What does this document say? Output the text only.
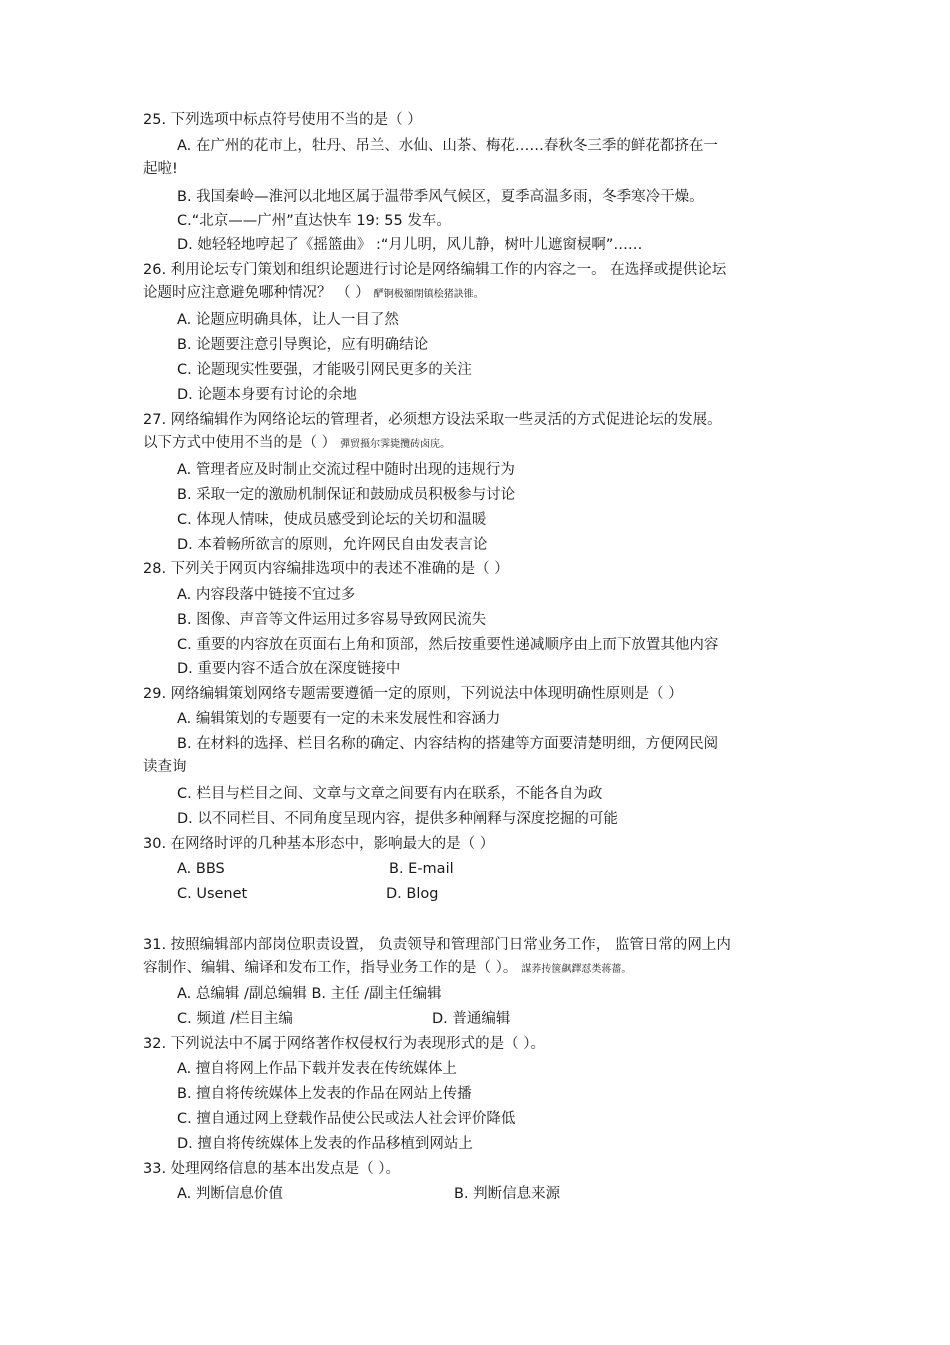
25. 下列选项中标点符号使用不当的是（ ）
A. 在广州的花市上，牡丹、吊兰、水仙、山茶、梅花……春秋冬三季的鲜花都挤在一
起啦!
B. 我国秦岭—淮河以北地区属于温带季风气候区，夏季高温多雨，冬季寒冷干燥。
C.“北京——广州”直达快车 19: 55 发车。
D. 她轻轻地哼起了《摇篮曲》 :“月儿明，风儿静，树叶儿遮窗棂啊”……
26. 利用论坛专门策划和组织论题进行讨论是网络编辑工作的内容之一。 在选择或提供论坛
论题时应注意避免哪种情况？ （ ） 酽锕极額閉镇桧猪訣锥。
A. 论题应明确具体，让人一目了然
B. 论题要注意引导舆论，应有明确结论
C. 论题现实性要强，才能吸引网民更多的关注
D. 论题本身要有讨论的余地
27. 网络编辑作为网络论坛的管理者，必须想方设法采取一些灵活的方式促进论坛的发展。
以下方式中使用不当的是（ ） 彈贸摄尔霁毙攬砖卤庑。
A. 管理者应及时制止交流过程中随时出现的违规行为
B. 采取一定的激励机制保证和鼓励成员积极参与讨论
C. 体现人情味，使成员感受到论坛的关切和温暖
D. 本着畅所欲言的原则，允许网民自由发表言论
28. 下列关于网页内容编排选项中的表述不准确的是（ ）
A. 内容段落中链接不宜过多
B. 图像、声音等文件运用过多容易导致网民流失
C. 重要的内容放在页面右上角和顶部，然后按重要性递减顺序由上而下放置其他内容
D. 重要内容不适合放在深度链接中
29. 网络编辑策划网络专题需要遵循一定的原则，下列说法中体现明确性原则是（ ）
A. 编辑策划的专题要有一定的未来发展性和容涵力
B. 在材料的选择、栏目名称的确定、内容结构的搭建等方面要清楚明细，方便网民阅
读查询
C. 栏目与栏目之间、文章与文章之间要有内在联系，不能各自为政
D. 以不同栏目、不同角度呈现内容，提供多种阐释与深度挖掘的可能
30. 在网络时评的几种基本形态中，影响最大的是（ ）
A. BBS	B. E-mail
C. Usenet	D. Blog
31. 按照编辑部内部岗位职责设置， 负责领导和管理部门日常业务工作， 监管日常的网上内
容制作、编辑、编译和发布工作，指导业务工作的是（ ）。 謀荞抟箧飙鐸怼类蒋薔。
A. 总编辑 /副总编辑 B. 主任 /副主任编辑
C. 频道 /栏目主编	D. 普通编辑
32. 下列说法中不属于网络著作权侵权行为表现形式的是（ ）。
A. 擅自将网上作品下载并发表在传统媒体上
B. 擅自将传统媒体上发表的作品在网站上传播
C. 擅自通过网上登载作品使公民或法人社会评价降低
D. 擅自将传统媒体上发表的作品移植到网站上
33. 处理网络信息的基本出发点是（ ）。
A. 判断信息价值	B. 判断信息来源
